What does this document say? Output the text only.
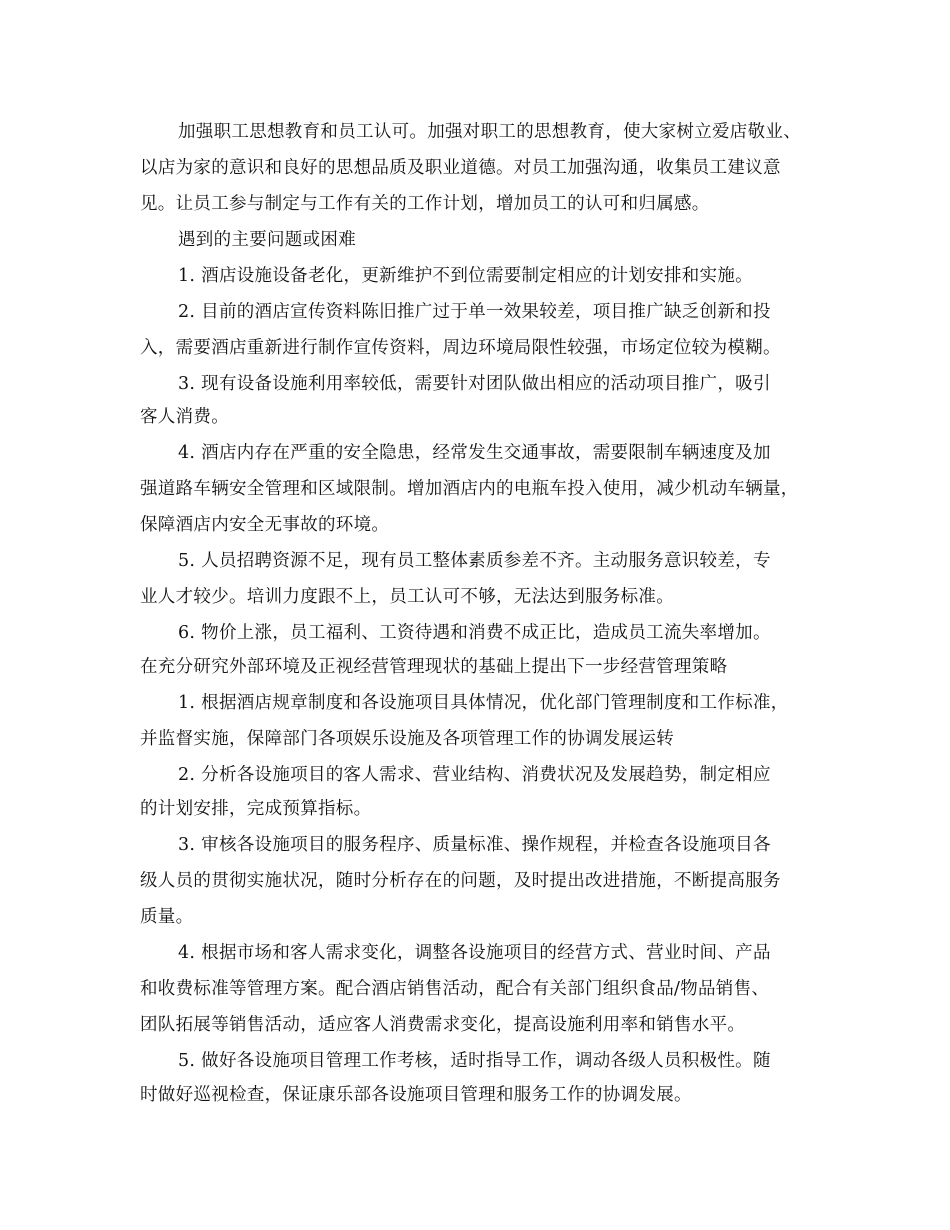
加强职工思想教育和员工认可。加强对职工的思想教育，使大家树立爱店敬业、
以店为家的意识和良好的思想品质及职业道德。对员工加强沟通，收集员工建议意
见。让员工参与制定与工作有关的工作计划，增加员工的认可和归属感。
遇到的主要问题或困难
1. 酒店设施设备老化，更新维护不到位需要制定相应的计划安排和实施。
2. 目前的酒店宣传资料陈旧推广过于单一效果较差，项目推广缺乏创新和投
入，需要酒店重新进行制作宣传资料，周边环境局限性较强，市场定位较为模糊。
3. 现有设备设施利用率较低，需要针对团队做出相应的活动项目推广，吸引
客人消费。
4. 酒店内存在严重的安全隐患，经常发生交通事故，需要限制车辆速度及加
强道路车辆安全管理和区域限制。增加酒店内的电瓶车投入使用，减少机动车辆量，
保障酒店内安全无事故的环境。
5. 人员招聘资源不足，现有员工整体素质参差不齐。主动服务意识较差，专
业人才较少。培训力度跟不上，员工认可不够，无法达到服务标准。
6. 物价上涨，员工福利、工资待遇和消费不成正比，造成员工流失率增加。
在充分研究外部环境及正视经营管理现状的基础上提出下一步经营管理策略
1. 根据酒店规章制度和各设施项目具体情况，优化部门管理制度和工作标准，
并监督实施，保障部门各项娱乐设施及各项管理工作的协调发展运转
2. 分析各设施项目的客人需求、营业结构、消费状况及发展趋势，制定相应
的计划安排，完成预算指标。
3. 审核各设施项目的服务程序、质量标准、操作规程，并检查各设施项目各
级人员的贯彻实施状况，随时分析存在的问题，及时提出改进措施，不断提高服务
质量。
4. 根据市场和客人需求变化，调整各设施项目的经营方式、营业时间、产品
和收费标准等管理方案。配合酒店销售活动，配合有关部门组织食品/物品销售、
团队拓展等销售活动，适应客人消费需求变化，提高设施利用率和销售水平。
5. 做好各设施项目管理工作考核，适时指导工作，调动各级人员积极性。随
时做好巡视检查，保证康乐部各设施项目管理和服务工作的协调发展。
